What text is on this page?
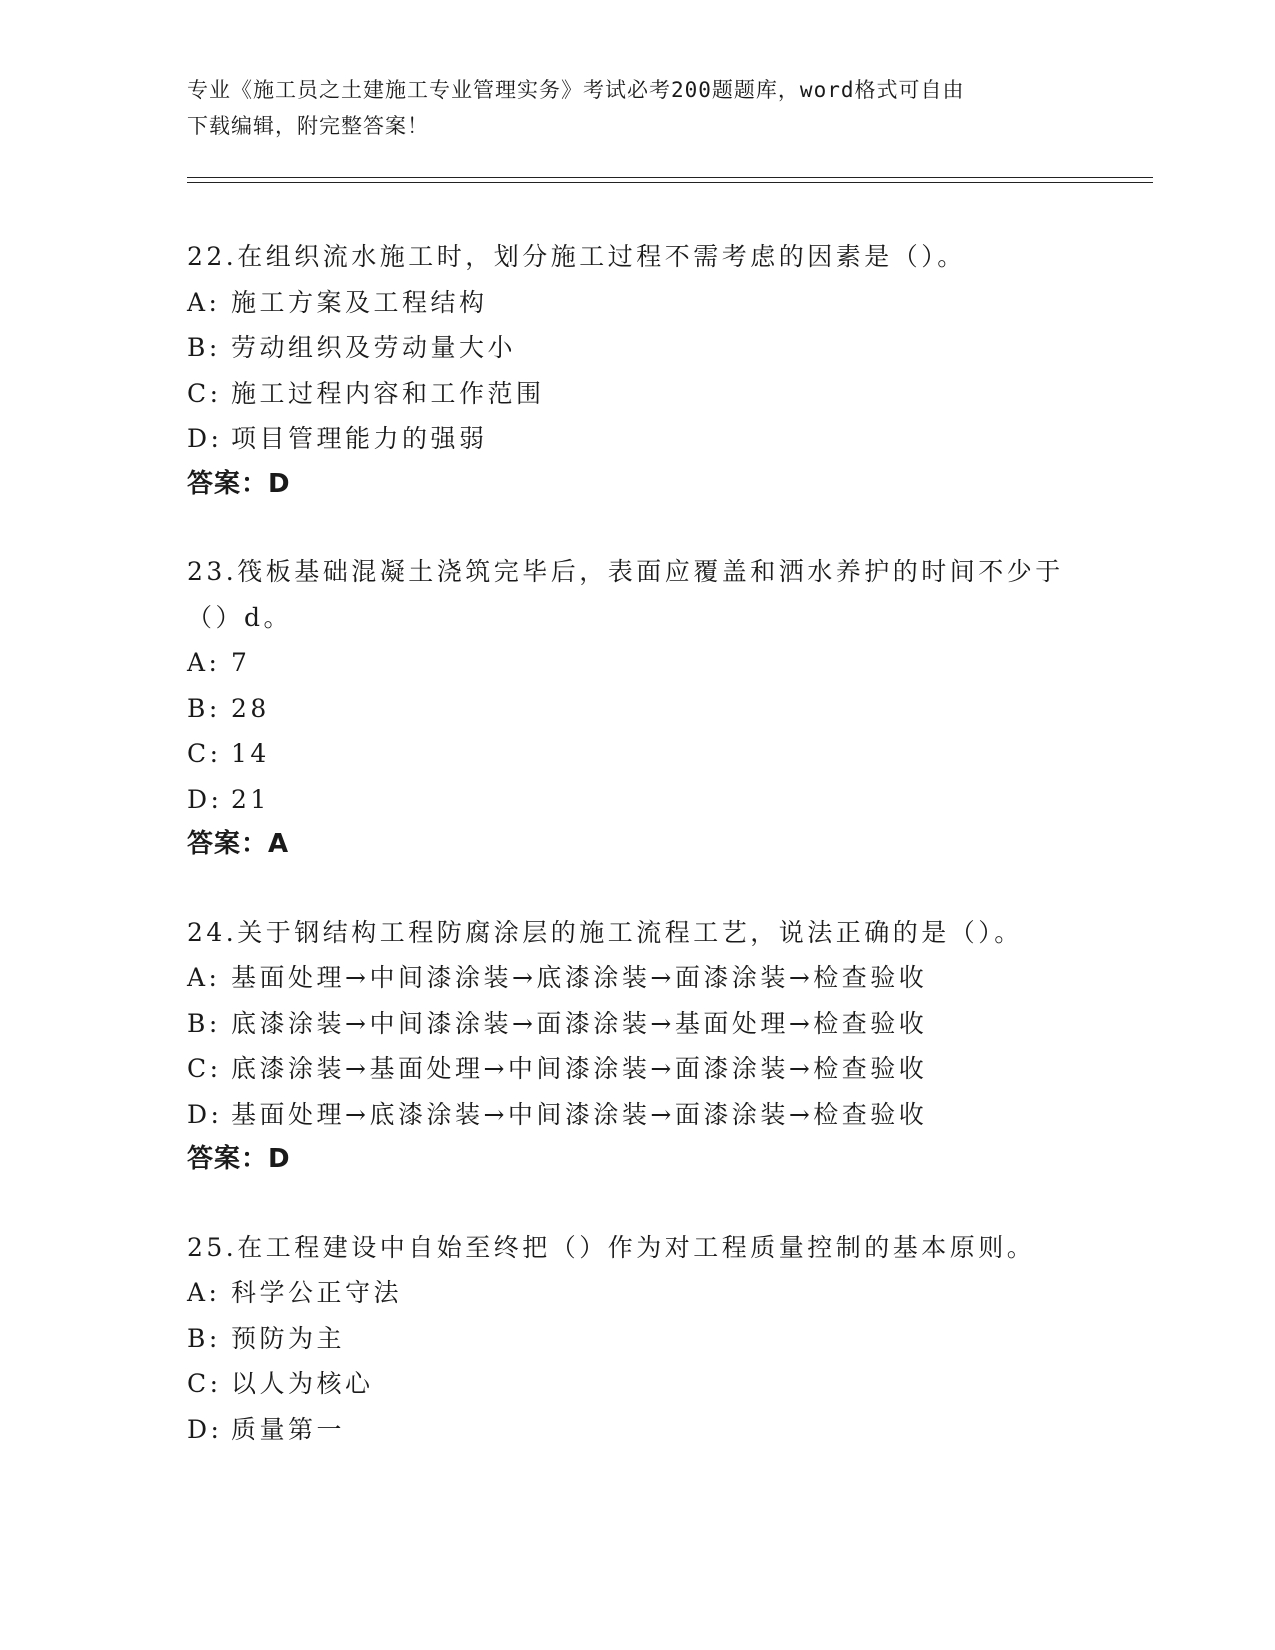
专业《施工员之土建施工专业管理实务》考试必考200题题库，word格式可自由
下载编辑，附完整答案！

22.在组织流水施工时，划分施工过程不需考虑的因素是（）。

A: 施工方案及工程结构

B: 劳动组织及劳动量大小

C: 施工过程内容和工作范围

D: 项目管理能力的强弱

答案：D

23.筏板基础混凝土浇筑完毕后，表面应覆盖和洒水养护的时间不少于
（）d。

A: 7

B: 28

C: 14

D: 21

答案：A

24.关于钢结构工程防腐涂层的施工流程工艺，说法正确的是（）。

A: 基面处理→中间漆涂装→底漆涂装→面漆涂装→检查验收

B: 底漆涂装→中间漆涂装→面漆涂装→基面处理→检查验收

C: 底漆涂装→基面处理→中间漆涂装→面漆涂装→检查验收

D: 基面处理→底漆涂装→中间漆涂装→面漆涂装→检查验收

答案：D

25.在工程建设中自始至终把（）作为对工程质量控制的基本原则。

A: 科学公正守法

B: 预防为主

C: 以人为核心

D: 质量第一
